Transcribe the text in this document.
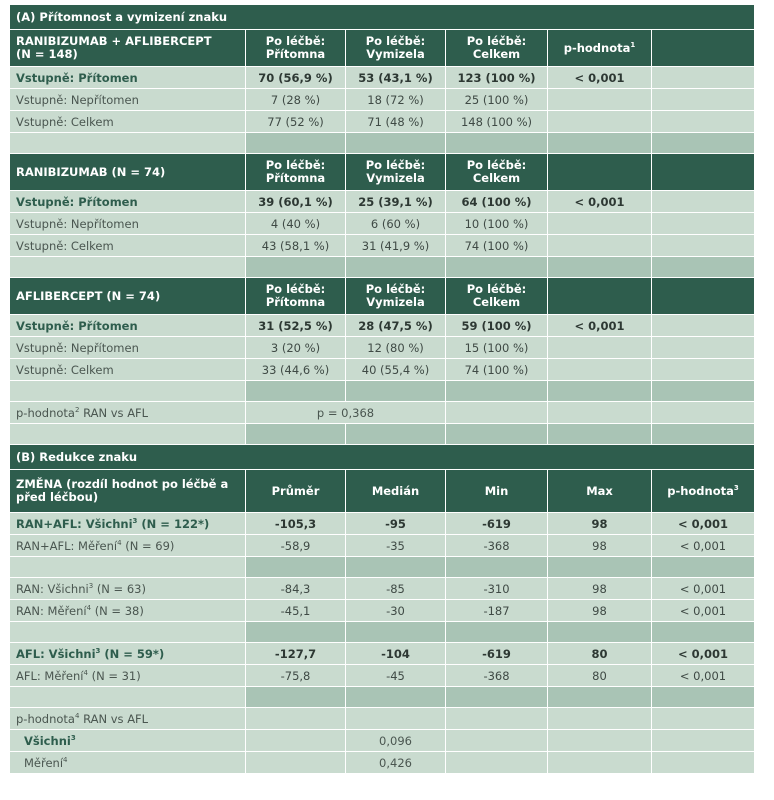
(A) Přítomnost a vymizení znaku					
RANIBIZUMAB + AFLIBERCEPT
(N = 148)	Po léčbě: Přítomna	Po léčbě: Vymizela	Po léčbě: Celkem	p-hodnota$^1$	
Vstupně: Přítomen	70 (56,9 %)	53 (43,1 %)	123 (100 %)	< 0,001	
Vstupně: Nepřítomen	7 (28 %)	18 (72 %)	25 (100 %)		
Vstupně: Celkem	77 (52 %)	71 (48 %)	148 (100 %)		

RANIBIZUMAB (N = 74)	Po léčbě: Přítomna	Po léčbě: Vymizela	Po léčbě: Celkem		
Vstupně: Přítomen	39 (60,1 %)	25 (39,1 %)	64 (100 %)	< 0,001	
Vstupně: Nepřítomen	4 (40 %)	6 (60 %)	10 (100 %)		
Vstupně: Celkem	43 (58,1 %)	31 (41,9 %)	74 (100 %)		

AFLIBERCEPT (N = 74)	Po léčbě: Přítomna	Po léčbě: Vymizela	Po léčbě: Celkem		
Vstupně: Přítomen	31 (52,5 %)	28 (47,5 %)	59 (100 %)	< 0,001	
Vstupně: Nepřítomen	3 (20 %)	12 (80 %)	15 (100 %)		
Vstupně: Celkem	33 (44,6 %)	40 (55,4 %)	74 (100 %)		

p-hodnota$^2$ RAN vs AFL	p = 0,368				

(B) Redukce znaku					
ZMĚNA (rozdíl hodnot po léčbě a před léčbou)	Průměr	Medián	Min	Max	p-hodnota$^3$
RAN+AFL: Všichni$^3$ (N = 122*)	-105,3	-95	-619	98	< 0,001
RAN+AFL: Měření$^4$ (N = 69)	-58,9	-35	-368	98	< 0,001

RAN: Všichni$^3$ (N = 63)	-84,3	-85	-310	98	< 0,001
RAN: Měření$^4$ (N = 38)	-45,1	-30	-187	98	< 0,001

AFL: Všichni$^3$ (N = 59*)	-127,7	-104	-619	80	< 0,001
AFL: Měření$^4$ (N = 31)	-75,8	-45	-368	80	< 0,001

p-hodnota$^4$ RAN vs AFL					
Všichni$^3$		0,096			
Měření$^4$		0,426			
